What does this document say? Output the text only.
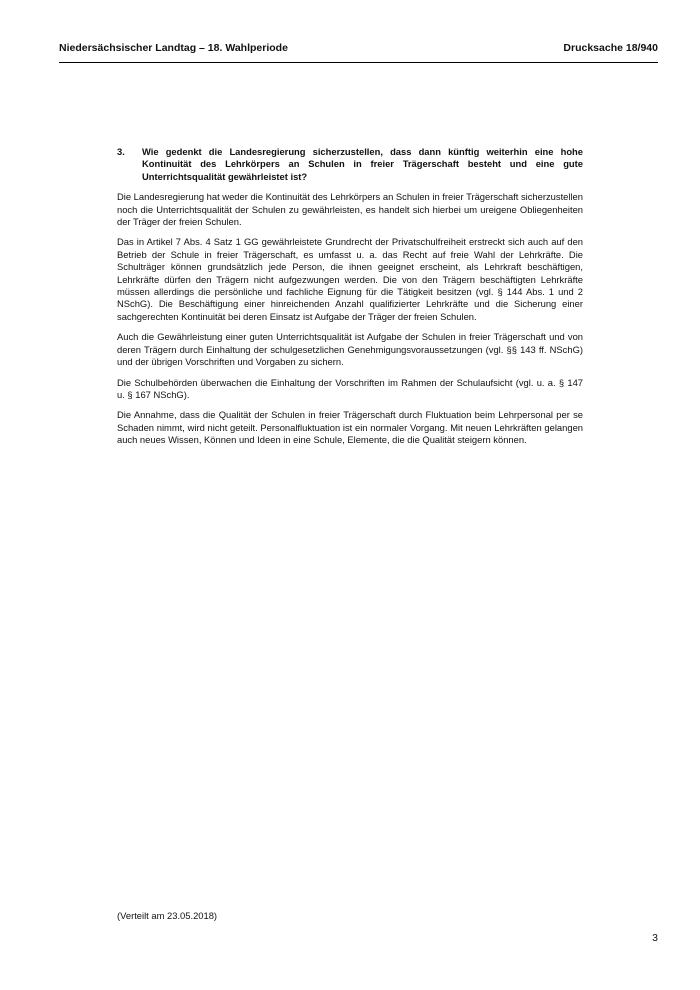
Niedersächsischer Landtag – 18. Wahlperiode	Drucksache 18/940
3.	Wie gedenkt die Landesregierung sicherzustellen, dass dann künftig weiterhin eine hohe Kontinuität des Lehrkörpers an Schulen in freier Trägerschaft besteht und eine gute Unterrichtsqualität gewährleistet ist?

Die Landesregierung hat weder die Kontinuität des Lehrkörpers an Schulen in freier Trägerschaft sicherzustellen noch die Unterrichtsqualität der Schulen zu gewährleisten, es handelt sich hierbei um ureigene Obliegenheiten der Träger der freien Schulen.

Das in Artikel 7 Abs. 4 Satz 1 GG gewährleistete Grundrecht der Privatschulfreiheit erstreckt sich auch auf den Betrieb der Schule in freier Trägerschaft, es umfasst u. a. das Recht auf freie Wahl der Lehrkräfte. Die Schulträger können grundsätzlich jede Person, die ihnen geeignet erscheint, als Lehrkraft beschäftigen, Lehrkräfte dürfen den Trägern nicht aufgezwungen werden. Die von den Trägern beschäftigten Lehrkräfte müssen allerdings die persönliche und fachliche Eignung für die Tätigkeit besitzen (vgl. § 144 Abs. 1 und 2 NSchG). Die Beschäftigung einer hinreichenden Anzahl qualifizierter Lehrkräfte und die Sicherung einer sachgerechten Kontinuität bei deren Einsatz ist Aufgabe der Träger der freien Schulen.

Auch die Gewährleistung einer guten Unterrichtsqualität ist Aufgabe der Schulen in freier Trägerschaft und von deren Trägern durch Einhaltung der schulgesetzlichen Genehmigungsvoraussetzungen (vgl. §§ 143 ff. NSchG) und der übrigen Vorschriften und Vorgaben zu sichern.

Die Schulbehörden überwachen die Einhaltung der Vorschriften im Rahmen der Schulaufsicht (vgl. u. a. § 147 u. § 167 NSchG).

Die Annahme, dass die Qualität der Schulen in freier Trägerschaft durch Fluktuation beim Lehrpersonal per se Schaden nimmt, wird nicht geteilt. Personalfluktuation ist ein normaler Vorgang. Mit neuen Lehrkräften gelangen auch neues Wissen, Können und Ideen in eine Schule, Elemente, die die Qualität steigern können.

(Verteilt am 23.05.2018)
3
